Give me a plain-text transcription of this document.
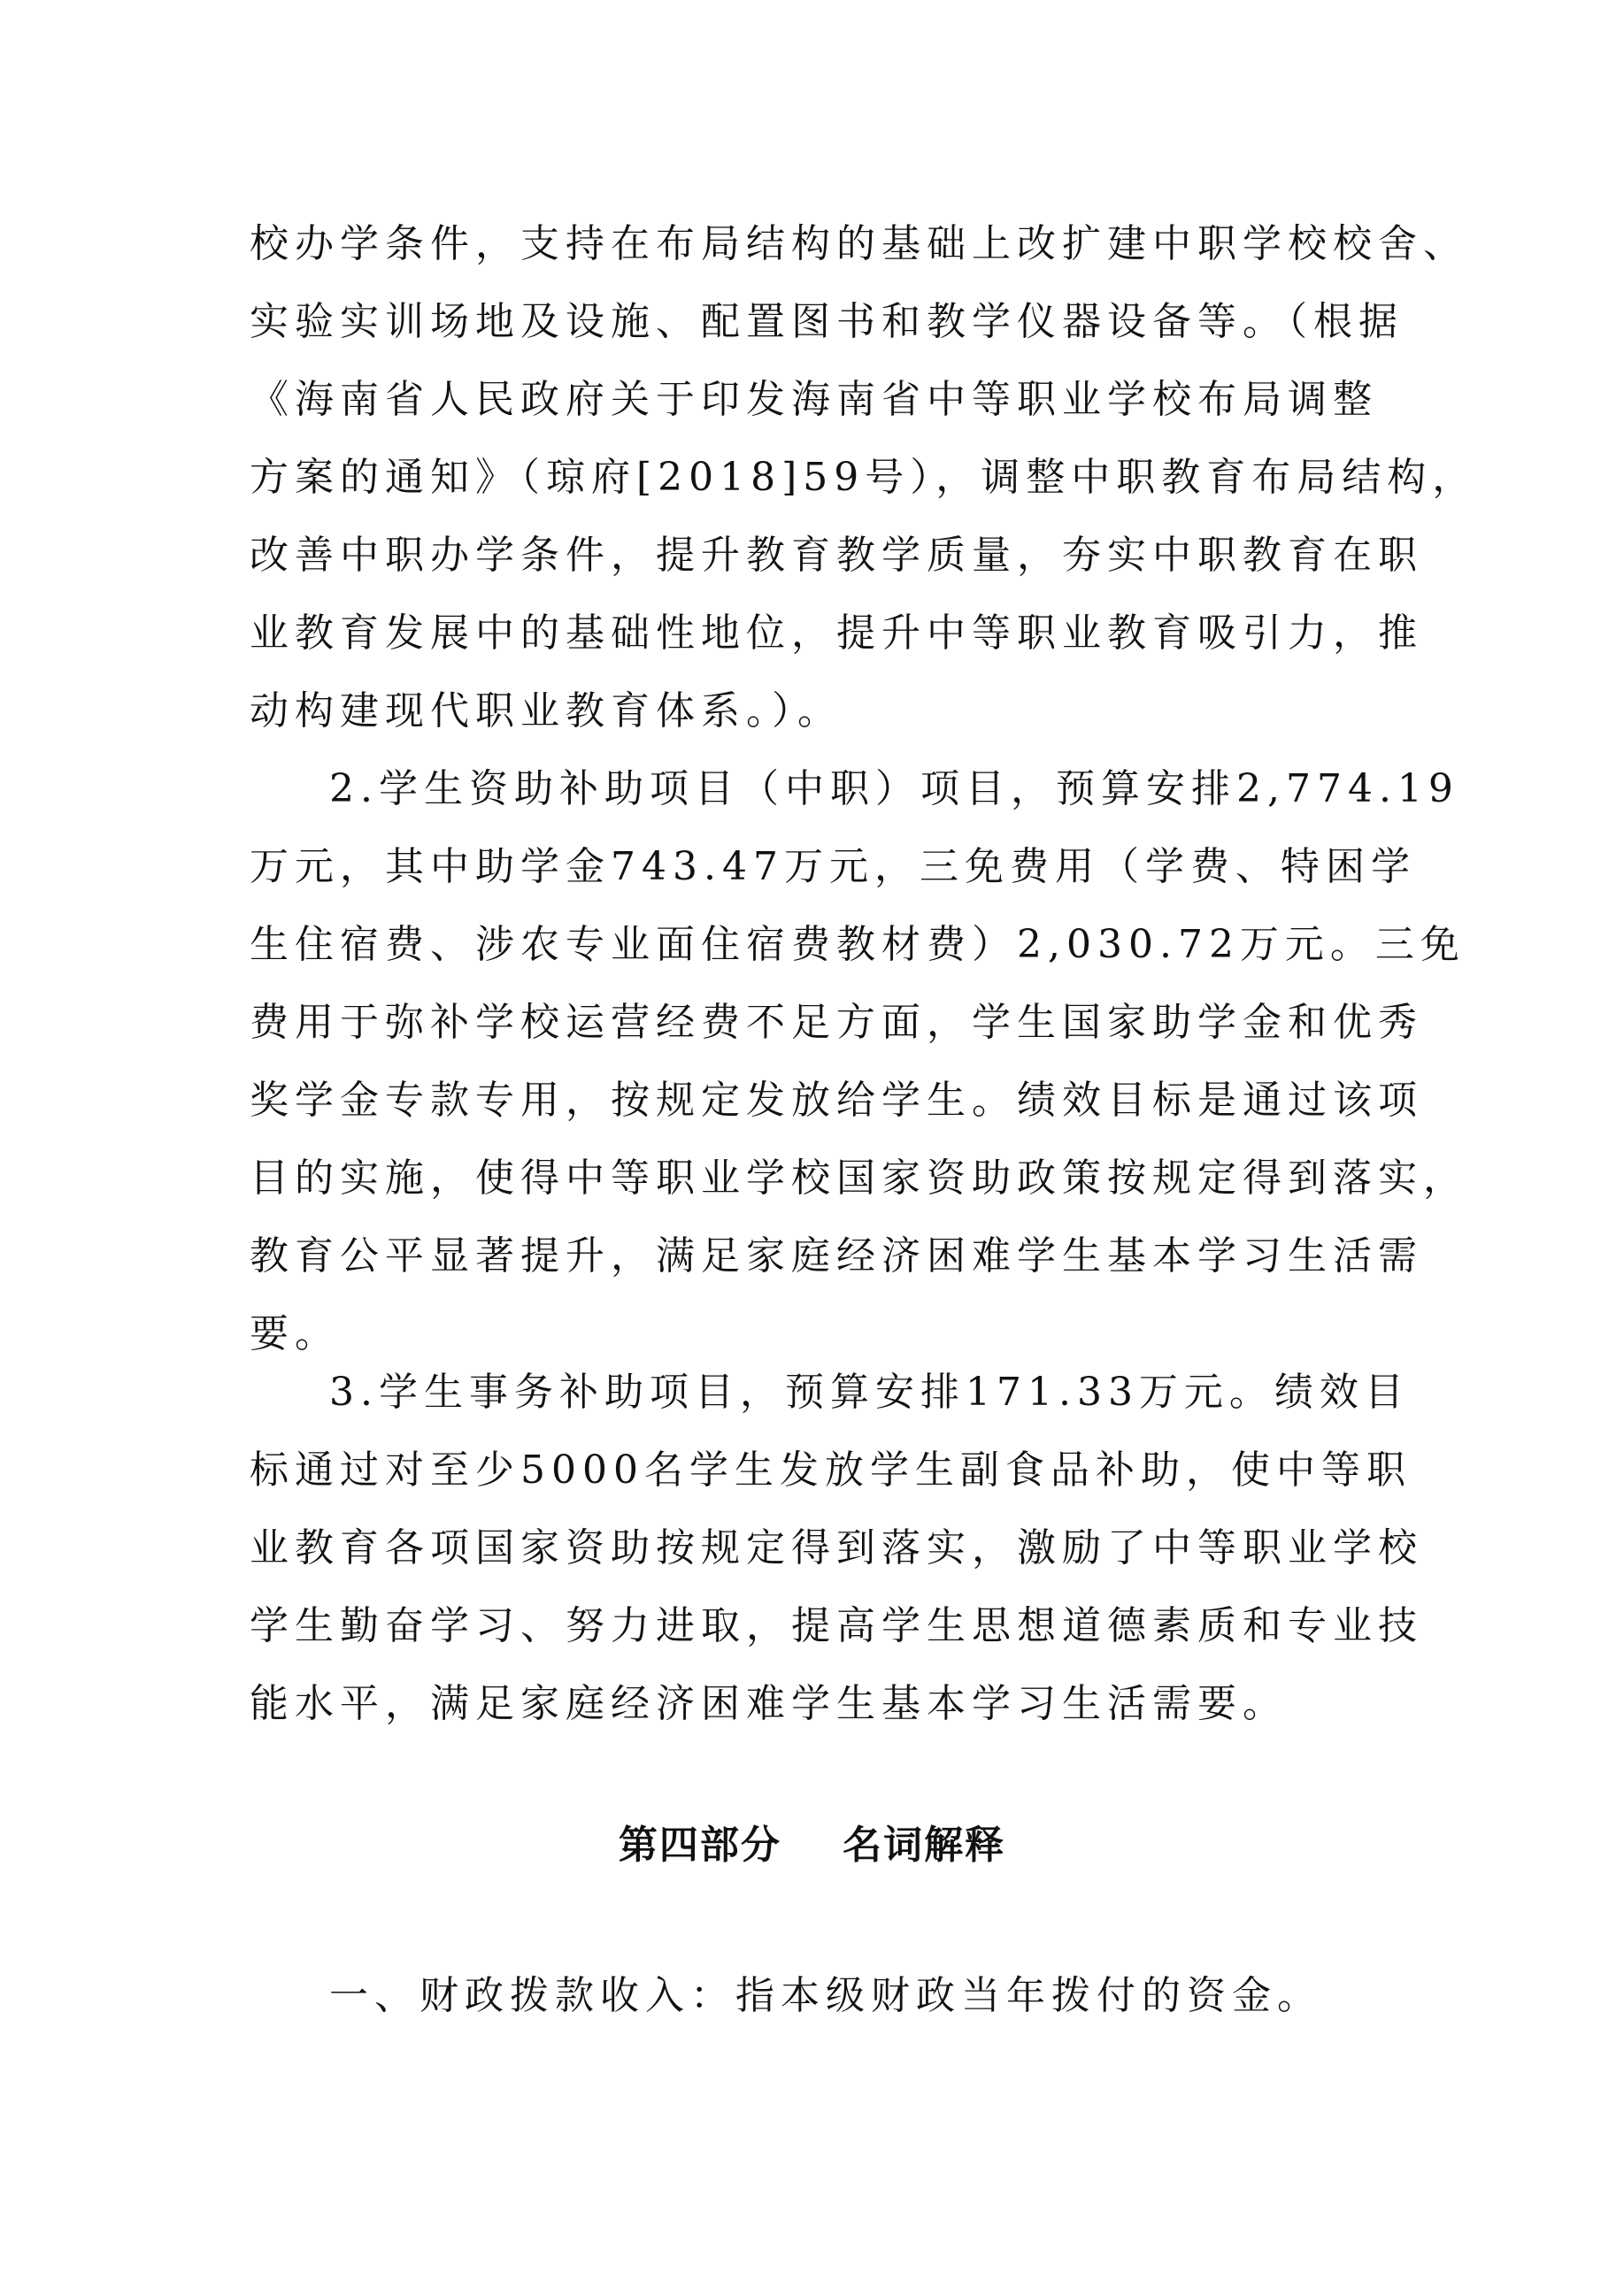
校办学条件，支持在布局结构的基础上改扩建中职学校校舍、
实验实训场地及设施、配置图书和教学仪器设备等。（根据
《海南省人民政府关于印发海南省中等职业学校布局调整
方案的通知》（琼府[2018]59号），调整中职教育布局结构，
改善中职办学条件，提升教育教学质量，夯实中职教育在职
业教育发展中的基础性地位，提升中等职业教育吸引力，推
动构建现代职业教育体系。）。
2.学生资助补助项目（中职）项目，预算安排2,774.19
万元，其中助学金743.47万元，三免费用（学费、特困学
生住宿费、涉农专业面住宿费教材费）2,030.72万元。三免
费用于弥补学校运营经费不足方面，学生国家助学金和优秀
奖学金专款专用，按规定发放给学生。绩效目标是通过该项
目的实施，使得中等职业学校国家资助政策按规定得到落实，
教育公平显著提升，满足家庭经济困难学生基本学习生活需
要。
3.学生事务补助项目，预算安排171.33万元。绩效目
标通过对至少5000名学生发放学生副食品补助，使中等职
业教育各项国家资助按规定得到落实，激励了中等职业学校
学生勤奋学习、努力进取，提高学生思想道德素质和专业技
能水平，满足家庭经济困难学生基本学习生活需要。
第四部分    名词解释
一、财政拨款收入：指本级财政当年拨付的资金。
